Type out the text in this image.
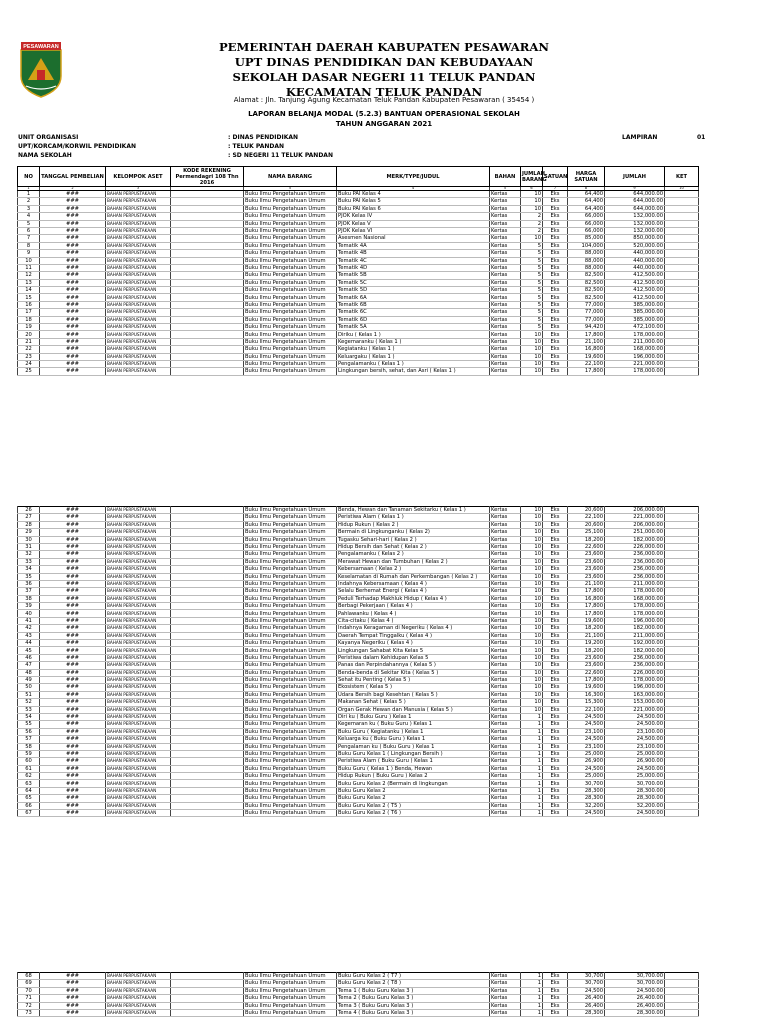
PESAWARAN	PEMERINTAH DAERAH KABUPATEN PESAWARAN
UPT DINAS PENDIDIKAN DAN KEBUDAYAAN
SEKOLAH DASAR NEGERI 11 TELUK PANDAN
KECAMATAN TELUK PANDAN
Alamat : Jln. Tanjung Agung Kecamatan Teluk Pandan Kabupaten Pesawaran ( 35454 )
LAPORAN BELANJA MODAL (5.2.3) BANTUAN OPERASIONAL SEKOLAH
TAHUN ANGGARAN 2021
UNIT ORGANISASI	: DINAS PENDIDIKAN
UPT/KORCAM/KORWIL PENDIDIKAN	: TELUK PANDAN
NAMA SEKOLAH	: SD NEGERI 11 TELUK PANDAN
LAMPIRAN	01
NO	TANGGAL PEMBELIAN	KELOMPOK ASET	KODE REKENING Permendagri 108 Thn 2016	NAMA BARANG	MERK/TYPE/JUDUL	BAHAN	JUMLAH BARANG	SATUAN	HARGA SATUAN	JUMLAH	KET
1	2	3		5	4	5	6	7	8	9	10
1	###	BAHAN PERPUSTAKAAN		Buku Ilmu Pengetahuan Umum	Buku PAI Kelas 4	Kertas	10	Eks	64,400	644,000.00	
2	###	BAHAN PERPUSTAKAAN		Buku Ilmu Pengetahuan Umum	Buku PAI Kelas 5	Kertas	10	Eks	64,400	644,000.00	
3	###	BAHAN PERPUSTAKAAN		Buku Ilmu Pengetahuan Umum	Buku PAI Kelas 6	Kertas	10	Eks	64,400	644,000.00	
4	###	BAHAN PERPUSTAKAAN		Buku Ilmu Pengetahuan Umum	PJOK Kelas IV	Kertas	2	Eks	66,000	132,000.00	
5	###	BAHAN PERPUSTAKAAN		Buku Ilmu Pengetahuan Umum	PJOK Kelas V	Kertas	2	Eks	66,000	132,000.00	
6	###	BAHAN PERPUSTAKAAN		Buku Ilmu Pengetahuan Umum	PJOK Kelas VI	Kertas	2	Eks	66,000	132,000.00	
7	###	BAHAN PERPUSTAKAAN		Buku Ilmu Pengetahuan Umum	Asesmen Nasional	Kertas	10	Eks	85,000	850,000.00	
8	###	BAHAN PERPUSTAKAAN		Buku Ilmu Pengetahuan Umum	Tematik 4A	Kertas	5	Eks	104,000	520,000.00	
9	###	BAHAN PERPUSTAKAAN		Buku Ilmu Pengetahuan Umum	Tematik 4B	Kertas	5	Eks	88,000	440,000.00	
10	###	BAHAN PERPUSTAKAAN		Buku Ilmu Pengetahuan Umum	Tematik 4C	Kertas	5	Eks	88,000	440,000.00	
11	###	BAHAN PERPUSTAKAAN		Buku Ilmu Pengetahuan Umum	Tematik 4D	Kertas	5	Eks	88,000	440,000.00	
12	###	BAHAN PERPUSTAKAAN		Buku Ilmu Pengetahuan Umum	Tematik 5B	Kertas	5	Eks	82,500	412,500.00	
13	###	BAHAN PERPUSTAKAAN		Buku Ilmu Pengetahuan Umum	Tematik 5C	Kertas	5	Eks	82,500	412,500.00	
14	###	BAHAN PERPUSTAKAAN		Buku Ilmu Pengetahuan Umum	Tematik 5D	Kertas	5	Eks	82,500	412,500.00	
15	###	BAHAN PERPUSTAKAAN		Buku Ilmu Pengetahuan Umum	Tematik 6A	Kertas	5	Eks	82,500	412,500.00	
16	###	BAHAN PERPUSTAKAAN		Buku Ilmu Pengetahuan Umum	Tematik 6B	Kertas	5	Eks	77,000	385,000.00	
17	###	BAHAN PERPUSTAKAAN		Buku Ilmu Pengetahuan Umum	Tematik 6C	Kertas	5	Eks	77,000	385,000.00	
18	###	BAHAN PERPUSTAKAAN		Buku Ilmu Pengetahuan Umum	Tematik 6D	Kertas	5	Eks	77,000	385,000.00	
19	###	BAHAN PERPUSTAKAAN		Buku Ilmu Pengetahuan Umum	Tematik 5A	Kertas	5	Eks	94,420	472,100.00	
20	###	BAHAN PERPUSTAKAAN		Buku Ilmu Pengetahuan Umum	Diriku ( Kelas 1 )	Kertas	10	Eks	17,800	178,000.00	
21	###	BAHAN PERPUSTAKAAN		Buku Ilmu Pengetahuan Umum	Kegemaranku ( Kelas 1 )	Kertas	10	Eks	21,100	211,000.00	
22	###	BAHAN PERPUSTAKAAN		Buku Ilmu Pengetahuan Umum	Kegiatanku ( Kelas 1 )	Kertas	10	Eks	16,800	168,000.00	
23	###	BAHAN PERPUSTAKAAN		Buku Ilmu Pengetahuan Umum	Keluargaku ( Kelas 1 )	Kertas	10	Eks	19,600	196,000.00	
24	###	BAHAN PERPUSTAKAAN		Buku Ilmu Pengetahuan Umum	Pengalamanku ( Kelas 1 )	Kertas	10	Eks	22,100	221,000.00	
25	###	BAHAN PERPUSTAKAAN		Buku Ilmu Pengetahuan Umum	Lingkungan bersih, sehat, dan Asri ( Kelas 1 )	Kertas	10	Eks	17,800	178,000.00	
26	###	BAHAN PERPUSTAKAAN		Buku Ilmu Pengetahuan Umum	Benda, Hewan dan Tanaman Sekitarku ( Kelas 1 )	Kertas	10	Eks	20,600	206,000.00	
27	###	BAHAN PERPUSTAKAAN		Buku Ilmu Pengetahuan Umum	Peristiwa Alam ( Kelas 1 )	Kertas	10	Eks	22,100	221,000.00	
28	###	BAHAN PERPUSTAKAAN		Buku Ilmu Pengetahuan Umum	Hidup Rukun ( Kelas 2 )	Kertas	10	Eks	20,600	206,000.00	
29	###	BAHAN PERPUSTAKAAN		Buku Ilmu Pengetahuan Umum	Bermain di Lingkunganku ( Kelas 2)	Kertas	10	Eks	25,100	251,000.00	
30	###	BAHAN PERPUSTAKAAN		Buku Ilmu Pengetahuan Umum	Tugasku Sehari-hari ( Kelas 2 )	Kertas	10	Eks	18,200	182,000.00	
31	###	BAHAN PERPUSTAKAAN		Buku Ilmu Pengetahuan Umum	Hidup Bersih dan Sehat ( Kelas 2 )	Kertas	10	Eks	22,600	226,000.00	
32	###	BAHAN PERPUSTAKAAN		Buku Ilmu Pengetahuan Umum	Pengalamanku ( Kelas 2 )	Kertas	10	Eks	23,600	236,000.00	
33	###	BAHAN PERPUSTAKAAN		Buku Ilmu Pengetahuan Umum	Merawat Hewan dan Tumbuhan ( Kelas 2 )	Kertas	10	Eks	23,600	236,000.00	
34	###	BAHAN PERPUSTAKAAN		Buku Ilmu Pengetahuan Umum	Kebersamaan ( Kelas 2 )	Kertas	10	Eks	23,600	236,000.00	
35	###	BAHAN PERPUSTAKAAN		Buku Ilmu Pengetahuan Umum	Keselamatan di Rumah dan Perkembangan ( Kelas 2 )	Kertas	10	Eks	23,600	236,000.00	
36	###	BAHAN PERPUSTAKAAN		Buku Ilmu Pengetahuan Umum	Indahnya Kebersamaan ( Kelas 4 )	Kertas	10	Eks	21,100	211,000.00	
37	###	BAHAN PERPUSTAKAAN		Buku Ilmu Pengetahuan Umum	Selalu Berhemat Energi ( Kelas 4 )	Kertas	10	Eks	17,800	178,000.00	
38	###	BAHAN PERPUSTAKAAN		Buku Ilmu Pengetahuan Umum	Peduli Terhadap Makhluk Hidup ( Kelas 4 )	Kertas	10	Eks	16,800	168,000.00	
39	###	BAHAN PERPUSTAKAAN		Buku Ilmu Pengetahuan Umum	Berbagi Pekerjaan ( Kelas 4 )	Kertas	10	Eks	17,800	178,000.00	
40	###	BAHAN PERPUSTAKAAN		Buku Ilmu Pengetahuan Umum	Pahlawanku ( Kelas 4 )	Kertas	10	Eks	17,800	178,000.00	
41	###	BAHAN PERPUSTAKAAN		Buku Ilmu Pengetahuan Umum	Cita-citaku ( Kelas 4 )	Kertas	10	Eks	19,600	196,000.00	
42	###	BAHAN PERPUSTAKAAN		Buku Ilmu Pengetahuan Umum	Indahnya Keragaman di Negeriku ( Kelas 4 )	Kertas	10	Eks	18,200	182,000.00	
43	###	BAHAN PERPUSTAKAAN		Buku Ilmu Pengetahuan Umum	Daerah Tempat Tinggalku ( Kelas 4 )	Kertas	10	Eks	21,100	211,000.00	
44	###	BAHAN PERPUSTAKAAN		Buku Ilmu Pengetahuan Umum	Kayanya Negeriku ( Kelas 4 )	Kertas	10	Eks	19,200	192,000.00	
45	###	BAHAN PERPUSTAKAAN		Buku Ilmu Pengetahuan Umum	Lingkungan Sahabat Kita Kelas 5	Kertas	10	Eks	18,200	182,000.00	
46	###	BAHAN PERPUSTAKAAN		Buku Ilmu Pengetahuan Umum	Peristiwa dalam Kehidupan Kelas 5	Kertas	10	Eks	23,600	236,000.00	
47	###	BAHAN PERPUSTAKAAN		Buku Ilmu Pengetahuan Umum	Panas dan Perpindahannya ( Kelas 5 )	Kertas	10	Eks	23,600	236,000.00	
48	###	BAHAN PERPUSTAKAAN		Buku Ilmu Pengetahuan Umum	Benda-benda di Sekitar Kita ( Kelas 5 )	Kertas	10	Eks	22,600	226,000.00	
49	###	BAHAN PERPUSTAKAAN		Buku Ilmu Pengetahuan Umum	Sehat itu Penting ( Kelas 5 )	Kertas	10	Eks	17,800	178,000.00	
50	###	BAHAN PERPUSTAKAAN		Buku Ilmu Pengetahuan Umum	Ekosistem ( Kelas 5 )	Kertas	10	Eks	19,600	196,000.00	
51	###	BAHAN PERPUSTAKAAN		Buku Ilmu Pengetahuan Umum	Udara Bersih bagi Kesehtan ( Kelas 5 )	Kertas	10	Eks	16,300	163,000.00	
52	###	BAHAN PERPUSTAKAAN		Buku Ilmu Pengetahuan Umum	Makanan Sehat ( Kelas 5 )	Kertas	10	Eks	15,300	153,000.00	
53	###	BAHAN PERPUSTAKAAN		Buku Ilmu Pengetahuan Umum	Organ Gerak Hewan dan Manusia ( Kelas 5 )	Kertas	10	Eks	22,100	221,000.00	
54	###	BAHAN PERPUSTAKAAN		Buku Ilmu Pengetahuan Umum	Diri ku ( Buku Guru ) Kelas 1	Kertas	1	Eks	24,500	24,500.00	
55	###	BAHAN PERPUSTAKAAN		Buku Ilmu Pengetahuan Umum	Kegemaran ku ( Buku Guru ) Kelas 1	Kertas	1	Eks	24,500	24,500.00	
56	###	BAHAN PERPUSTAKAAN		Buku Ilmu Pengetahuan Umum	Buku Guru ( Kegiatanku ) Kelas 1	Kertas	1	Eks	23,100	23,100.00	
57	###	BAHAN PERPUSTAKAAN		Buku Ilmu Pengetahuan Umum	Keluarga ku ( Buku Guru ) Kelas 1	Kertas	1	Eks	24,500	24,500.00	
58	###	BAHAN PERPUSTAKAAN		Buku Ilmu Pengetahuan Umum	Pengalaman ku ( Buku Guru ) Kelas 1	Kertas	1	Eks	23,100	23,100.00	
59	###	BAHAN PERPUSTAKAAN		Buku Ilmu Pengetahuan Umum	Buku Guru Kelas 1 ( Lingkungan Bersih )	Kertas	1	Eks	25,000	25,000.00	
60	###	BAHAN PERPUSTAKAAN		Buku Ilmu Pengetahuan Umum	Peristiwa Alam ( Buku Guru ) Kelas 1	Kertas	1	Eks	26,900	26,900.00	
61	###	BAHAN PERPUSTAKAAN		Buku Ilmu Pengetahuan Umum	Buku Guru ( Kelas 1 ) Benda, Hewan	Kertas	1	Eks	24,500	24,500.00	
62	###	BAHAN PERPUSTAKAAN		Buku Ilmu Pengetahuan Umum	Hidup Rukun ( Buku Guru ) Kelas 2	Kertas	1	Eks	25,000	25,000.00	
63	###	BAHAN PERPUSTAKAAN		Buku Ilmu Pengetahuan Umum	Buku Guru Kelas 2 (Bermain di lingkungan	Kertas	1	Eks	30,700	30,700.00	
64	###	BAHAN PERPUSTAKAAN		Buku Ilmu Pengetahuan Umum	Buku Guru Kelas 2	Kertas	1	Eks	28,300	28,300.00	
65	###	BAHAN PERPUSTAKAAN		Buku Ilmu Pengetahuan Umum	Buku Guru Kelas 2	Kertas	1	Eks	28,300	28,300.00	
66	###	BAHAN PERPUSTAKAAN		Buku Ilmu Pengetahuan Umum	Buku Guru Kelas 2 ( T5 )	Kertas	1	Eks	32,200	32,200.00	
67	###	BAHAN PERPUSTAKAAN		Buku Ilmu Pengetahuan Umum	Buku Guru Kelas 2 ( T6 )	Kertas	1	Eks	24,500	24,500.00	
68	###	BAHAN PERPUSTAKAAN		Buku Ilmu Pengetahuan Umum	Buku Guru Kelas 2 ( T7 )	Kertas	1	Eks	30,700	30,700.00	
69	###	BAHAN PERPUSTAKAAN		Buku Ilmu Pengetahuan Umum	Buku Guru Kelas 2 ( T8 )	Kertas	1	Eks	30,700	30,700.00	
70	###	BAHAN PERPUSTAKAAN		Buku Ilmu Pengetahuan Umum	Tema 1 ( Buku Guru Kelas 3 )	Kertas	1	Eks	24,500	24,500.00	
71	###	BAHAN PERPUSTAKAAN		Buku Ilmu Pengetahuan Umum	Tema 2 ( Buku Guru Kelas 3 )	Kertas	1	Eks	26,400	26,400.00	
72	###	BAHAN PERPUSTAKAAN		Buku Ilmu Pengetahuan Umum	Tema 3 ( Buku Guru Kelas 3 )	Kertas	1	Eks	26,400	26,400.00	
73	###	BAHAN PERPUSTAKAAN		Buku Ilmu Pengetahuan Umum	Tema 4 ( Buku Guru Kelas 3 )	Kertas	1	Eks	28,300	28,300.00	
